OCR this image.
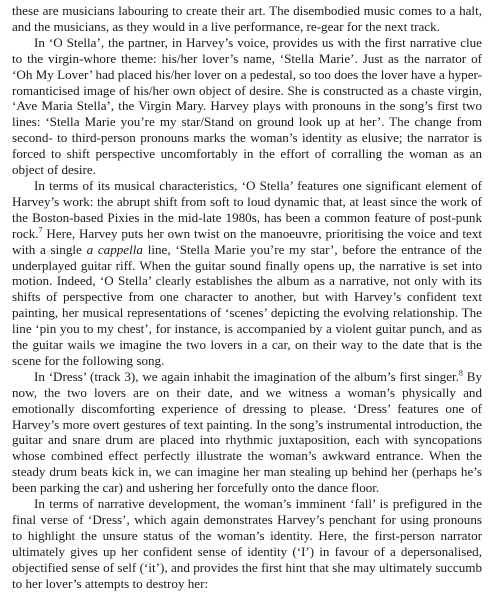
these are musicians labouring to create their art. The disembodied music comes to a halt, and the musicians, as they would in a live performance, re-gear for the next track.

In ‘O Stella’, the partner, in Harvey’s voice, provides us with the first narrative clue to the virgin-whore theme: his/her lover’s name, ‘Stella Marie’. Just as the narrator of ‘Oh My Lover’ had placed his/her lover on a pedestal, so too does the lover have a hyper-romanticised image of his/her own object of desire. She is constructed as a chaste virgin, ‘Ave Maria Stella’, the Virgin Mary. Harvey plays with pronouns in the song’s first two lines: ‘Stella Marie you’re my star/Stand on ground look up at her’. The change from second- to third-person pronouns marks the woman’s identity as elusive; the narrator is forced to shift perspective uncomfortably in the effort of corralling the woman as an object of desire.

In terms of its musical characteristics, ‘O Stella’ features one significant element of Harvey’s work: the abrupt shift from soft to loud dynamic that, at least since the work of the Boston-based Pixies in the mid-late 1980s, has been a common feature of post-punk rock.$^7$ Here, Harvey puts her own twist on the manoeuvre, prioritising the voice and text with a single a cappella line, ‘Stella Marie you’re my star’, before the entrance of the underplayed guitar riff. When the guitar sound finally opens up, the narrative is set into motion. Indeed, ‘O Stella’ clearly establishes the album as a narrative, not only with its shifts of perspective from one character to another, but with Harvey’s confident text painting, her musical representations of ‘scenes’ depicting the evolving relationship. The line ‘pin you to my chest’, for instance, is accompanied by a violent guitar punch, and as the guitar wails we imagine the two lovers in a car, on their way to the date that is the scene for the following song.

In ‘Dress’ (track 3), we again inhabit the imagination of the album’s first singer.$^8$ By now, the two lovers are on their date, and we witness a woman’s physically and emotionally discomforting experience of dressing to please. ‘Dress’ features one of Harvey’s more overt gestures of text painting. In the song’s instrumental introduction, the guitar and snare drum are placed into rhythmic juxtaposition, each with syncopations whose combined effect perfectly illustrate the woman’s awkward entrance. When the steady drum beats kick in, we can imagine her man stealing up behind her (perhaps he’s been parking the car) and ushering her forcefully onto the dance floor.

In terms of narrative development, the woman’s imminent ‘fall’ is prefigured in the final verse of ‘Dress’, which again demonstrates Harvey’s penchant for using pronouns to highlight the unsure status of the woman’s identity. Here, the first-person narrator ultimately gives up her confident sense of identity (‘I’) in favour of a depersonalised, objectified sense of self (‘it’), and provides the first hint that she may ultimately succumb to her lover’s attempts to destroy her:
